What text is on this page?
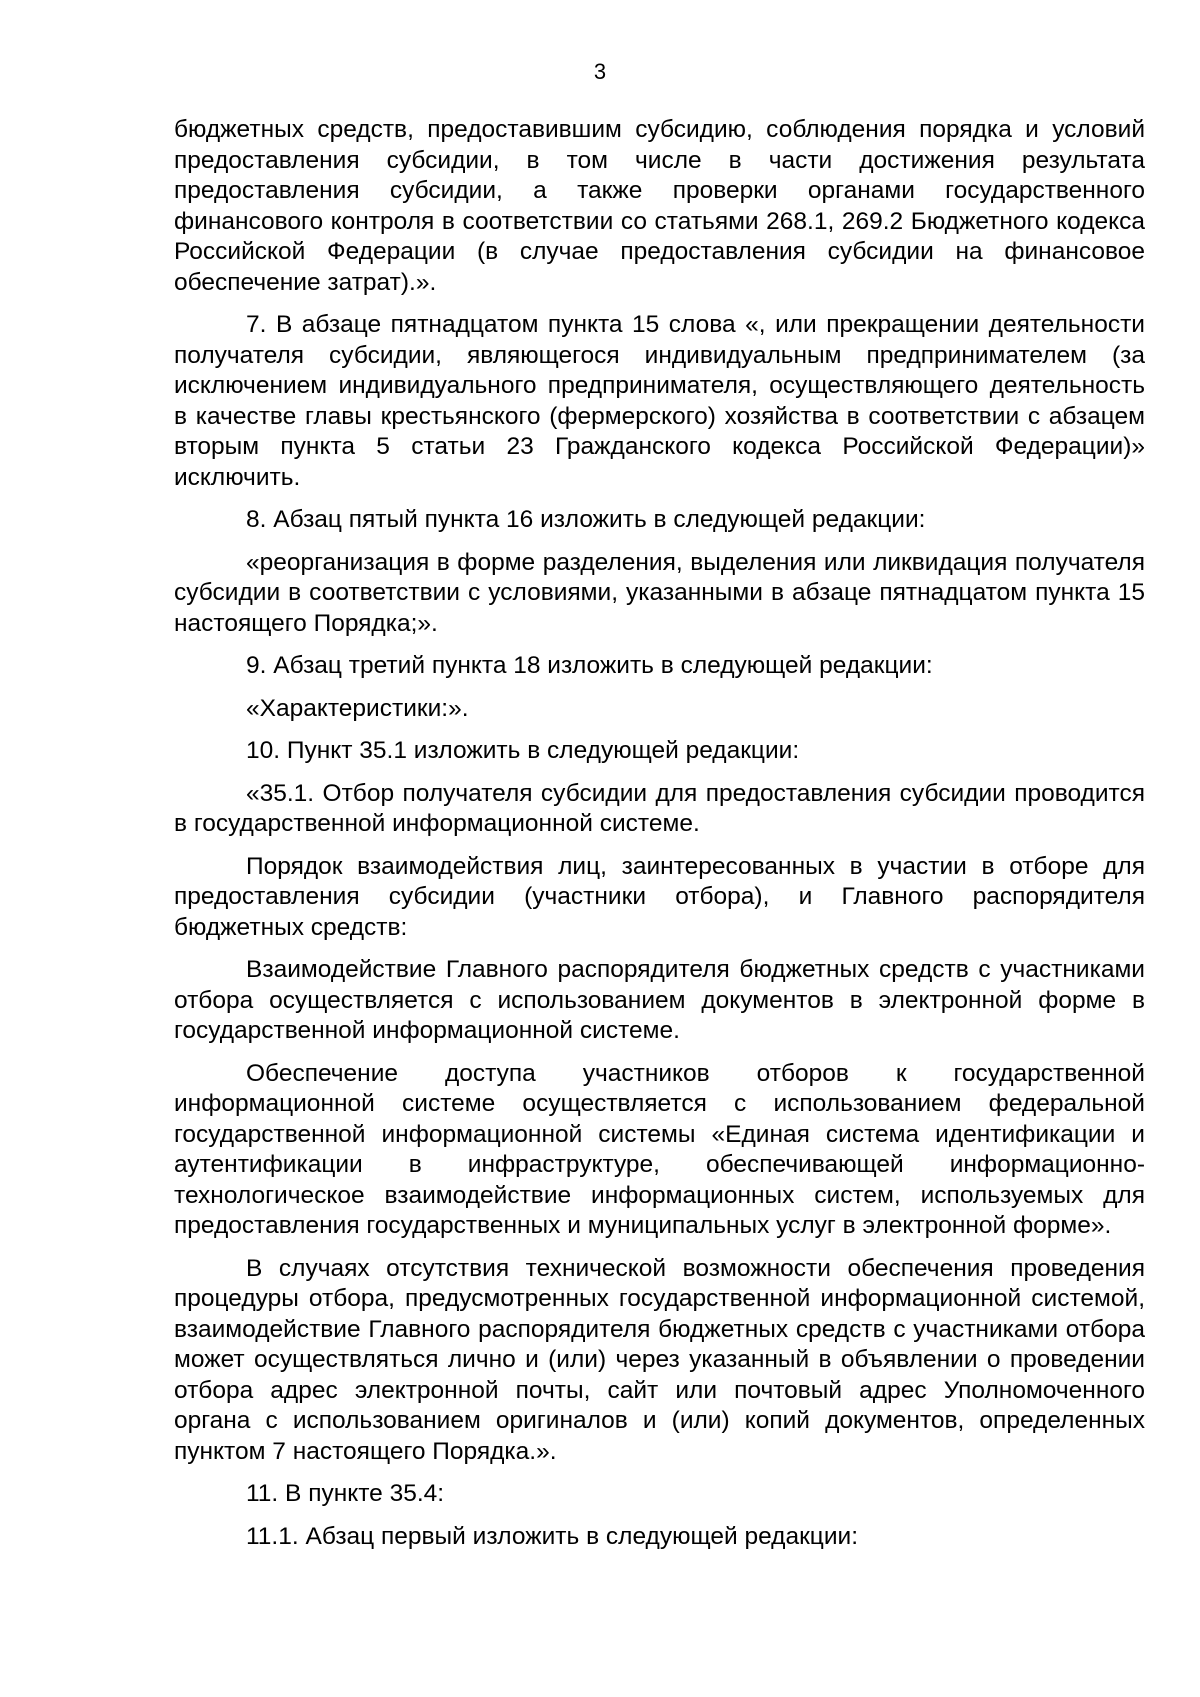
3

бюджетных средств, предоставившим субсидию, соблюдения порядка и условий предоставления субсидии, в том числе в части достижения результата предоставления субсидии, а также проверки органами государственного финансового контроля в соответствии со статьями 268.1, 269.2 Бюджетного кодекса Российской Федерации (в случае предоставления субсидии на финансовое обеспечение затрат).».

7. В абзаце пятнадцатом пункта 15 слова «, или прекращении деятельности получателя субсидии, являющегося индивидуальным предпринимателем (за исключением индивидуального предпринимателя, осуществляющего деятельность в качестве главы крестьянского (фермерского) хозяйства в соответствии с абзацем вторым пункта 5 статьи 23 Гражданского кодекса Российской Федерации)» исключить.

8. Абзац пятый пункта 16 изложить в следующей редакции:

«реорганизация в форме разделения, выделения или ликвидация получателя субсидии в соответствии с условиями, указанными в абзаце пятнадцатом пункта 15 настоящего Порядка;».

9. Абзац третий пункта 18 изложить в следующей редакции:

«Характеристики:».

10. Пункт 35.1 изложить в следующей редакции:

«35.1. Отбор получателя субсидии для предоставления субсидии проводится в государственной информационной системе.

Порядок взаимодействия лиц, заинтересованных в участии в отборе для предоставления субсидии (участники отбора), и Главного распорядителя бюджетных средств:

Взаимодействие Главного распорядителя бюджетных средств с участниками отбора осуществляется с использованием документов в электронной форме в государственной информационной системе.

Обеспечение доступа участников отборов к государственной информационной системе осуществляется с использованием федеральной государственной информационной системы «Единая система идентификации и аутентификации в инфраструктуре, обеспечивающей информационно-технологическое взаимодействие информационных систем, используемых для предоставления государственных и муниципальных услуг в электронной форме».

В случаях отсутствия технической возможности обеспечения проведения процедуры отбора, предусмотренных государственной информационной системой, взаимодействие Главного распорядителя бюджетных средств с участниками отбора может осуществляться лично и (или) через указанный в объявлении о проведении отбора адрес электронной почты, сайт или почтовый адрес Уполномоченного органа с использованием оригиналов и (или) копий документов, определенных пунктом 7 настоящего Порядка.».

11. В пункте 35.4:

11.1. Абзац первый изложить в следующей редакции:
